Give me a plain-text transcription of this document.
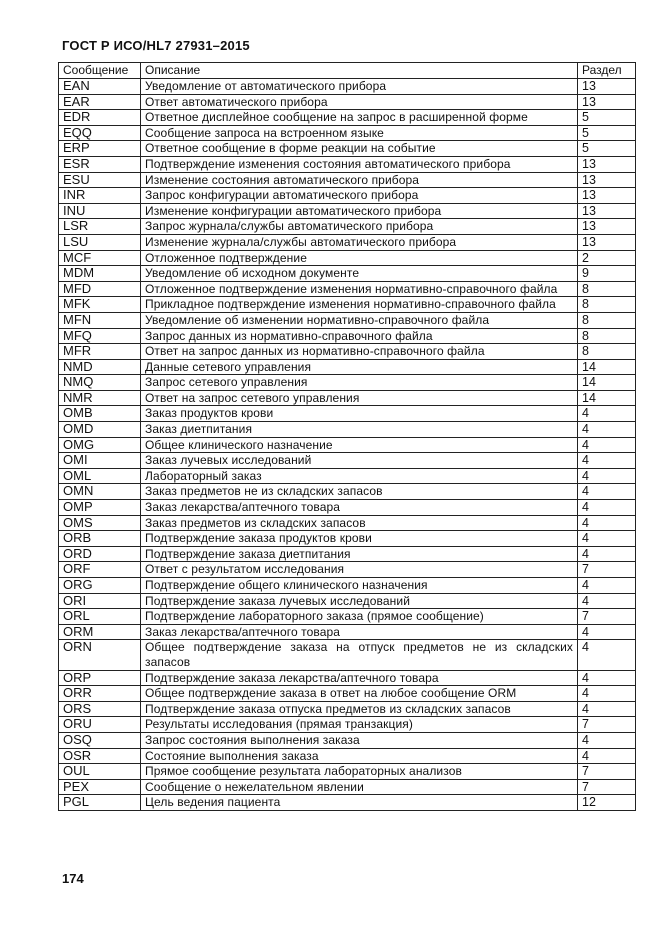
ГОСТ Р ИСО/HL7 27931–2015
Сообщение	Описание	Раздел
EAN	Уведомление от автоматического прибора	13
EAR	Ответ автоматического прибора	13
EDR	Ответное дисплейное сообщение на запрос в расширенной форме	5
EQQ	Сообщение запроса на встроенном языке	5
ERP	Ответное сообщение в форме реакции на событие	5
ESR	Подтверждение изменения состояния автоматического прибора	13
ESU	Изменение состояния автоматического прибора	13
INR	Запрос конфигурации автоматического прибора	13
INU	Изменение конфигурации автоматического прибора	13
LSR	Запрос журнала/службы автоматического прибора	13
LSU	Изменение журнала/службы автоматического прибора	13
MCF	Отложенное подтверждение	2
MDM	Уведомление об исходном документе	9
MFD	Отложенное подтверждение изменения нормативно-справочного файла	8
MFK	Прикладное подтверждение изменения нормативно-справочного файла	8
MFN	Уведомление об изменении нормативно-справочного файла	8
MFQ	Запрос данных из нормативно-справочного файла	8
MFR	Ответ на запрос данных из нормативно-справочного файла	8
NMD	Данные сетевого управления	14
NMQ	Запрос сетевого управления	14
NMR	Ответ на запрос сетевого управления	14
OMB	Заказ продуктов крови	4
OMD	Заказ диетпитания	4
OMG	Общее клинического назначение	4
OMI	Заказ лучевых исследований	4
OML	Лабораторный заказ	4
OMN	Заказ предметов не из складских запасов	4
OMP	Заказ лекарства/аптечного товара	4
OMS	Заказ предметов из складских запасов	4
ORB	Подтверждение заказа продуктов крови	4
ORD	Подтверждение заказа диетпитания	4
ORF	Ответ с результатом исследования	7
ORG	Подтверждение общего клинического назначения	4
ORI	Подтверждение заказа лучевых исследований	4
ORL	Подтверждение лабораторного заказа (прямое сообщение)	7
ORM	Заказ лекарства/аптечного товара	4
ORN	Общее подтверждение заказа на отпуск предметов не из складских запасов	4
ORP	Подтверждение заказа лекарства/аптечного товара	4
ORR	Общее подтверждение заказа в ответ на любое сообщение ORM	4
ORS	Подтверждение заказа отпуска предметов из складских запасов	4
ORU	Результаты исследования (прямая транзакция)	7
OSQ	Запрос состояния выполнения заказа	4
OSR	Состояние выполнения заказа	4
OUL	Прямое сообщение результата лабораторных анализов	7
PEX	Сообщение о нежелательном явлении	7
PGL	Цель ведения пациента	12
174
